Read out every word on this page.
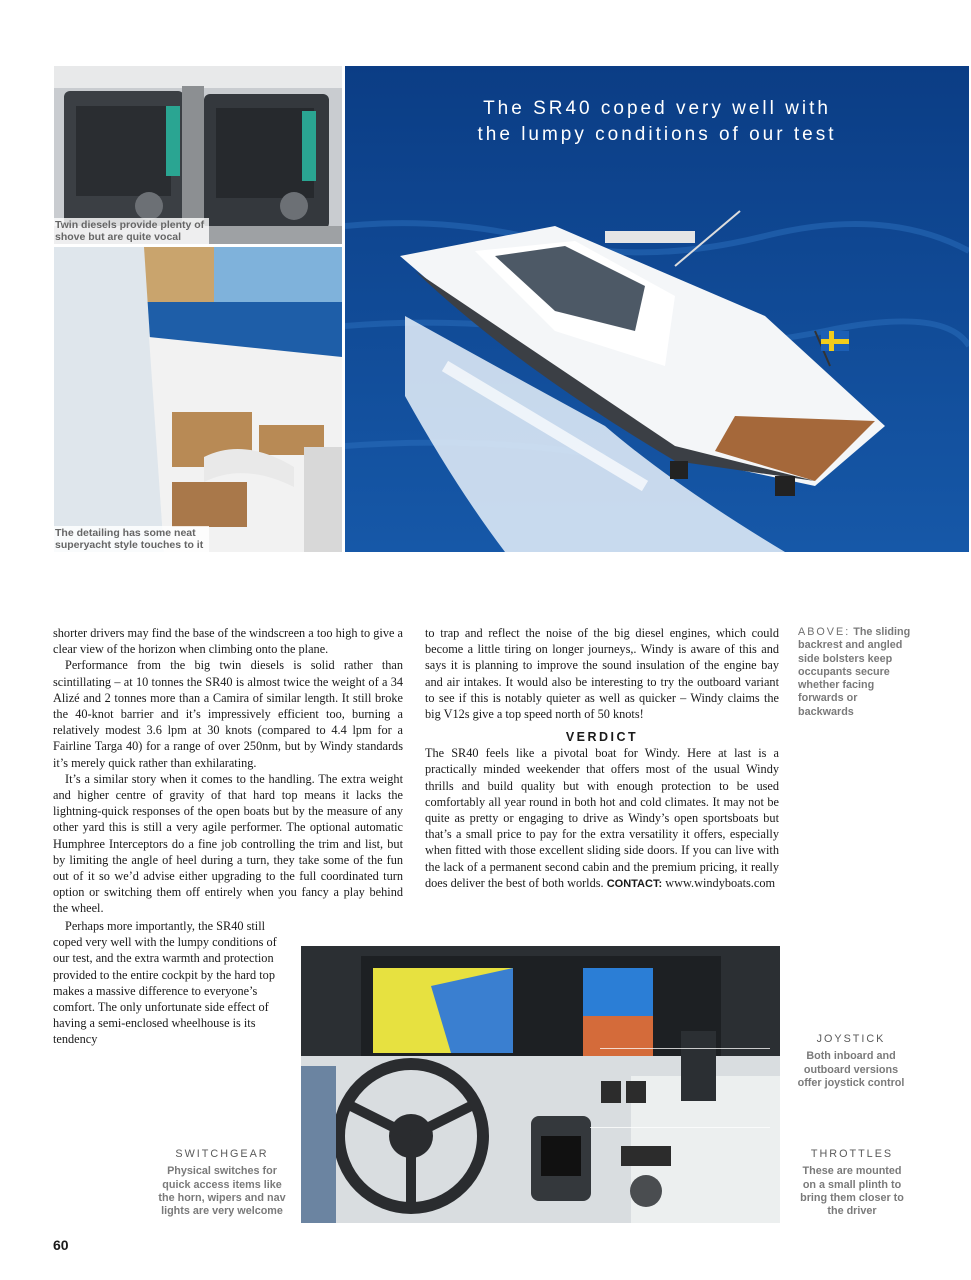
Twin diesels provide plenty of shove but are quite vocal
The detailing has some neat superyacht style touches to it
The SR40 coped very well with
the lumpy conditions of our test

shorter drivers may find the base of the windscreen a too high to give a clear view of the horizon when climbing onto the plane.

Performance from the big twin diesels is solid rather than scintillating – at 10 tonnes the SR40 is almost twice the weight of a 34 Alizé and 2 tonnes more than a Camira of similar length. It still broke the 40-knot barrier and it’s impressively efficient too, burning a relatively modest 3.6 lpm at 30 knots (compared to 4.4 lpm for a Fairline Targa 40) for a range of over 250nm, but by Windy standards it’s merely quick rather than exhilarating.

It’s a similar story when it comes to the handling. The extra weight and higher centre of gravity of that hard top means it lacks the lightning-quick responses of the open boats but by the measure of any other yard this is still a very agile performer. The optional automatic Humphree Interceptors do a fine job controlling the trim and list, but by limiting the angle of heel during a turn, they take some of the fun out of it so we’d advise either upgrading to the full coordinated turn option or switching them off entirely when you fancy a play behind the wheel.

Perhaps more importantly, the SR40 still coped very well with the lumpy conditions of our test, and the extra warmth and protection provided to the entire cockpit by the hard top makes a massive difference to everyone’s comfort. The only unfortunate side effect of having a semi-enclosed wheelhouse is its tendency

to trap and reflect the noise of the big diesel engines, which could become a little tiring on longer journeys,. Windy is aware of this and says it is planning to improve the sound insulation of the engine bay and air intakes. It would also be interesting to try the outboard variant to see if this is notably quieter as well as quicker – Windy claims the big V12s give a top speed north of 50 knots!

VERDICT

The SR40 feels like a pivotal boat for Windy. Here at last is a practically minded weekender that offers most of the usual Windy thrills and build quality but with enough protection to be used comfortably all year round in both hot and cold climates. It may not be quite as pretty or engaging to drive as Windy’s open sportsboats but that’s a small price to pay for the extra versatility it offers, especially when fitted with those excellent sliding side doors. If you can live with the lack of a permanent second cabin and the premium pricing, it really does deliver the best of both worlds. CONTACT: www.windyboats.com

ABOVE: The sliding backrest and angled side bolsters keep occupants secure whether facing forwards or backwards
JOYSTICK
Both inboard and outboard versions offer joystick control
THROTTLES
These are mounted on a small plinth to bring them closer to the driver
SWITCHGEAR
Physical switches for quick access items like the horn, wipers and nav lights are very welcome
60
